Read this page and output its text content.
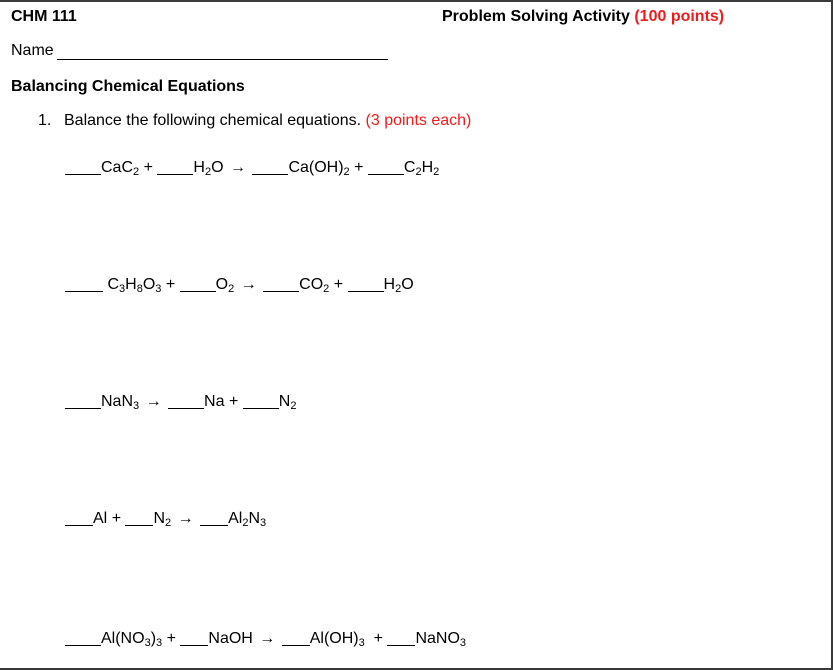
CHM 111	Problem Solving Activity (100 points)
Name
Balancing Chemical Equations
1. Balance the following chemical equations. (3 points each)
CaC$_2$ +	$H_2O$ →	$Ca(OH)_2$ +	$C_2H_2$
$C_3H_8O_3$ +	$O_2$ →	$CO_2$ +	$H_2O$
NaN$_3$ →	Na +	$N_2$
$Al + N_2 \to Al_2N_3$
$Al(NO_3)_3$ + NaOH → $Al(OH)_3$ + NaNO$_3$
